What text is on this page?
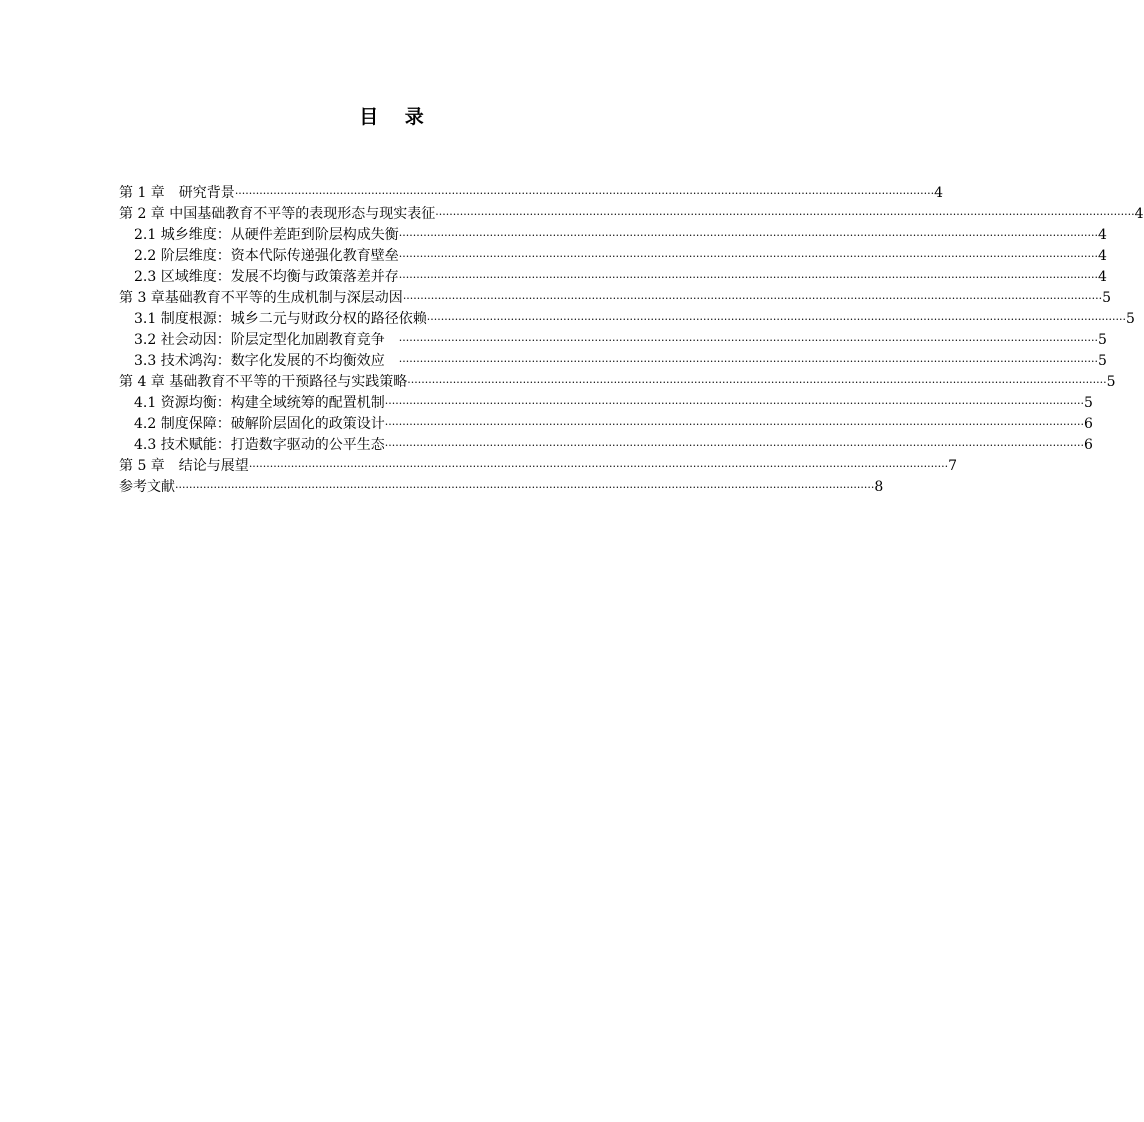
目 录
第 1 章　研究背景 ········································································································································································································ 4
第 2 章 中国基础教育不平等的表现形态与现实表征 ········································································································································································································ 4
2.1 城乡维度：从硬件差距到阶层构成失衡 ········································································································································································································ 4
2.2 阶层维度：资本代际传递强化教育壁垒 ········································································································································································································ 4
2.3 区域维度：发展不均衡与政策落差并存 ········································································································································································································ 4
第 3 章基础教育不平等的生成机制与深层动因 ········································································································································································································ 5
3.1 制度根源：城乡二元与财政分权的路径依赖 ········································································································································································································ 5
3.2 社会动因：阶层定型化加剧教育竞争　 ········································································································································································································ 5
3.3 技术鸿沟：数字化发展的不均衡效应　 ········································································································································································································ 5
第 4 章 基础教育不平等的干预路径与实践策略 ········································································································································································································ 5
4.1 资源均衡：构建全域统筹的配置机制 ········································································································································································································ 5
4.2 制度保障：破解阶层固化的政策设计 ········································································································································································································ 6
4.3 技术赋能：打造数字驱动的公平生态 ········································································································································································································ 6
第 5 章　结论与展望 ········································································································································································································ 7
参考文献 ········································································································································································································ 8
